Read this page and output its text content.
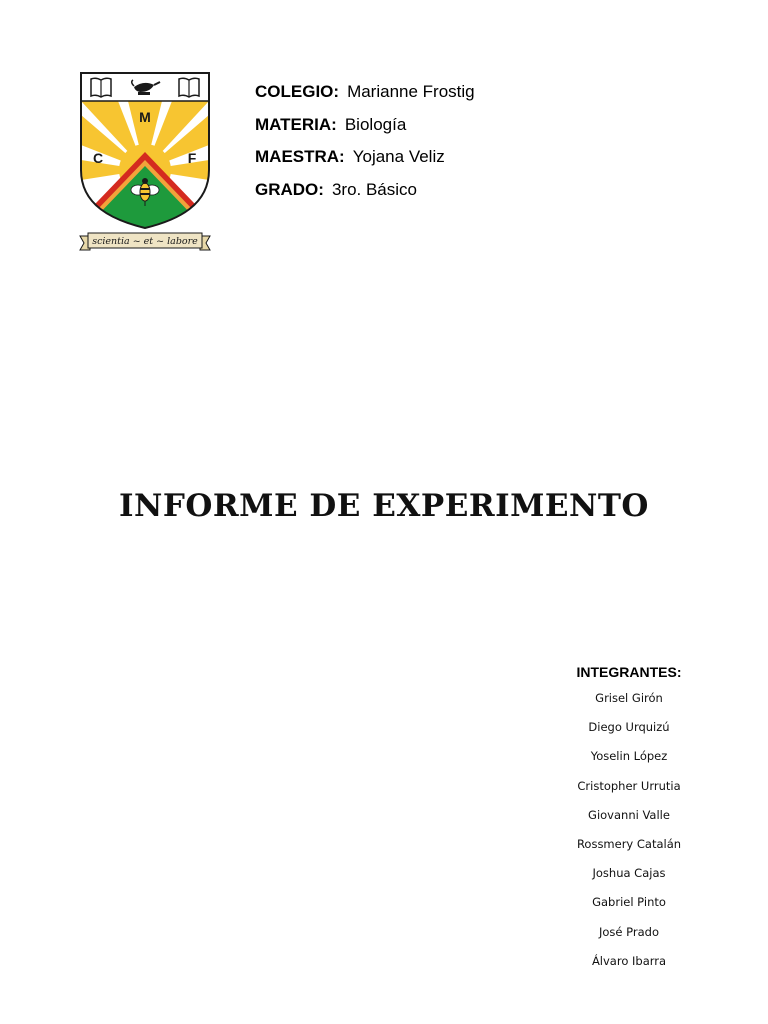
M
C	F
scientia ~ et ~ labore
COLEGIO: Marianne Frostig
MATERIA: Biología
MAESTRA: Yojana Veliz
GRADO: 3ro. Básico
INFORME DE EXPERIMENTO
INTEGRANTES:
Grisel Girón
Diego Urquizú
Yoselin López
Cristopher Urrutia
Giovanni Valle
Rossmery Catalán
Joshua Cajas
Gabriel Pinto
José Prado
Álvaro Ibarra
